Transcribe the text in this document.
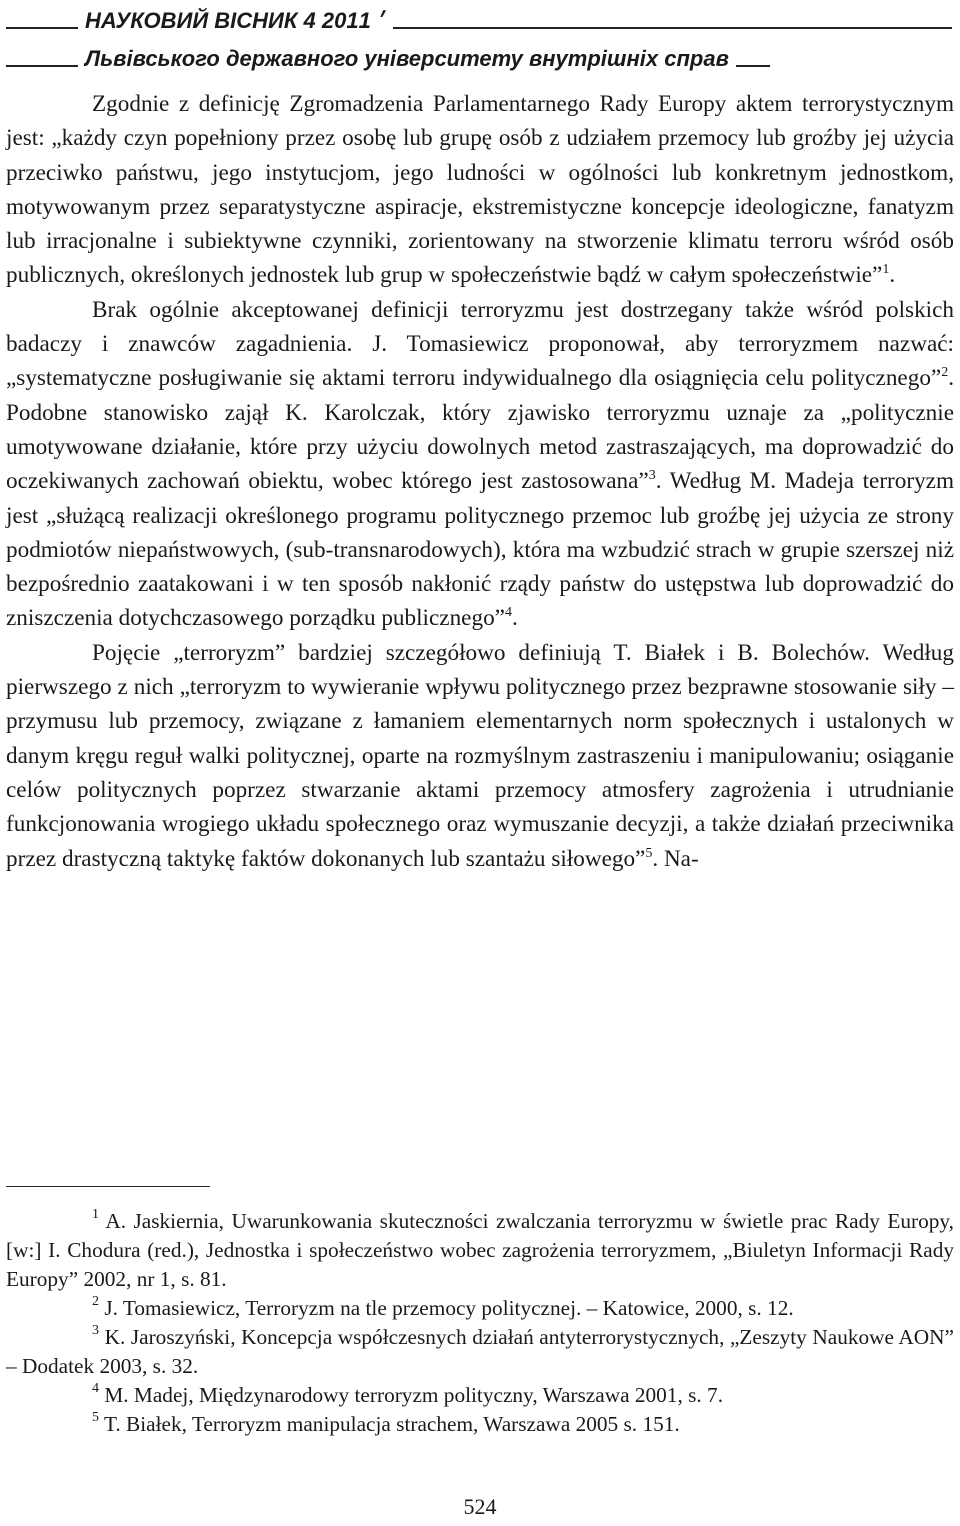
НАУКОВИЙ ВІСНИК 4 ׳ 2011
Львівського державного університету внутрішніх справ

Zgodnie z definicję Zgromadzenia Parlamentarnego Rady Europy aktem terrorystycznym jest: „każdy czyn popełniony przez osobę lub grupę osób z udziałem przemocy lub groźby jej użycia przeciwko państwu, jego instytucjom, jego ludności w ogólności lub konkretnym jednostkom, motywowanym przez separatystyczne aspiracje, ekstremistyczne koncepcje ideologiczne, fanatyzm lub irracjonalne i subiektywne czynniki, zorientowany na stworzenie klimatu terroru wśród osób publicznych, określonych jednostek lub grup w społeczeństwie bądź w całym społeczeństwie”$^1$.

Brak ogólnie akceptowanej definicji terroryzmu jest dostrzegany także wśród polskich badaczy i znawców zagadnienia. J. Tomasiewicz proponował, aby terroryzmem nazwać: „systematyczne posługiwanie się aktami terroru indywidualnego dla osiągnięcia celu politycznego”$^2$. Podobne stanowisko zajął K. Karolczak, który zjawisko terroryzmu uznaje za „politycznie umotywowane działanie, które przy użyciu dowolnych metod zastraszających, ma doprowadzić do oczekiwanych zachowań obiektu, wobec którego jest zastosowana”$^3$. Według M. Madeja terroryzm jest „służącą realizacji określonego programu politycznego przemoc lub groźbę jej użycia ze strony podmiotów niepaństwowych, (sub-transnarodowych), która ma wzbudzić strach w grupie szerszej niż bezpośrednio zaatakowani i w ten sposób nakłonić rządy państw do ustępstwa lub doprowadzić do zniszczenia dotychczasowego porządku publicznego”$^4$.

Pojęcie „terroryzm” bardziej szczegółowo definiują T. Białek i B. Bolechów. Według pierwszego z nich „terroryzm to wywieranie wpływu politycznego przez bezprawne stosowanie siły – przymusu lub przemocy, związane z łamaniem elementarnych norm społecznych i ustalonych w danym kręgu reguł walki politycznej, oparte na rozmyślnym zastraszeniu i manipulowaniu; osiąganie celów politycznych poprzez stwarzanie aktami przemocy atmosfery zagrożenia i utrudnianie funkcjonowania wrogiego układu społecznego oraz wymuszanie decyzji, a także działań przeciwnika przez drastyczną taktykę faktów dokonanych lub szantażu siłowego”$^5$. Na-

$^1$ A. Jaskiernia, Uwarunkowania skuteczności zwalczania terroryzmu w świetle prac Rady Europy, [w:] I. Chodura (red.), Jednostka i społeczeństwo wobec zagrożenia terroryzmem, „Biuletyn Informacji Rady Europy” 2002, nr 1, s. 81.

$^2$ J. Tomasiewicz, Terroryzm na tle przemocy politycznej. – Katowice, 2000, s. 12.

$^3$ K. Jaroszyński, Koncepcja współczesnych działań antyterrorystycznych, „Zeszyty Naukowe AON” – Dodatek 2003, s. 32.

$^4$ M. Madej, Międzynarodowy terroryzm polityczny, Warszawa 2001, s. 7.

$^5$ T. Białek, Terroryzm manipulacja strachem, Warszawa 2005 s. 151.

524
